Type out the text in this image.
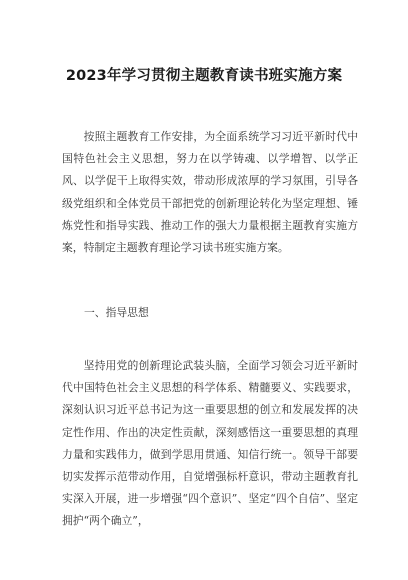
2023年学习贯彻主题教育读书班实施方案

按照主题教育工作安排，为全面系统学习习近平新时代中国特色社会主义思想，努力在以学铸魂、以学增智、以学正风、以学促干上取得实效，带动形成浓厚的学习氛围，引导各级党组织和全体党员干部把党的创新理论转化为坚定理想、锤炼党性和指导实践、推动工作的强大力量根据主题教育实施方案，特制定主题教育理论学习读书班实施方案。

一、指导思想

坚持用党的创新理论武装头脑，全面学习领会习近平新时代中国特色社会主义思想的科学体系、精髓要义、实践要求，深刻认识习近平总书记为这一重要思想的创立和发展发挥的决定性作用、作出的决定性贡献，深刻感悟这一重要思想的真理力量和实践伟力，做到学思用贯通、知信行统一。领导干部要切实发挥示范带动作用，自觉增强标杆意识，带动主题教育扎实深入开展，进一步增强“四个意识”、坚定“四个自信”、坚定拥护“两个确立”，
